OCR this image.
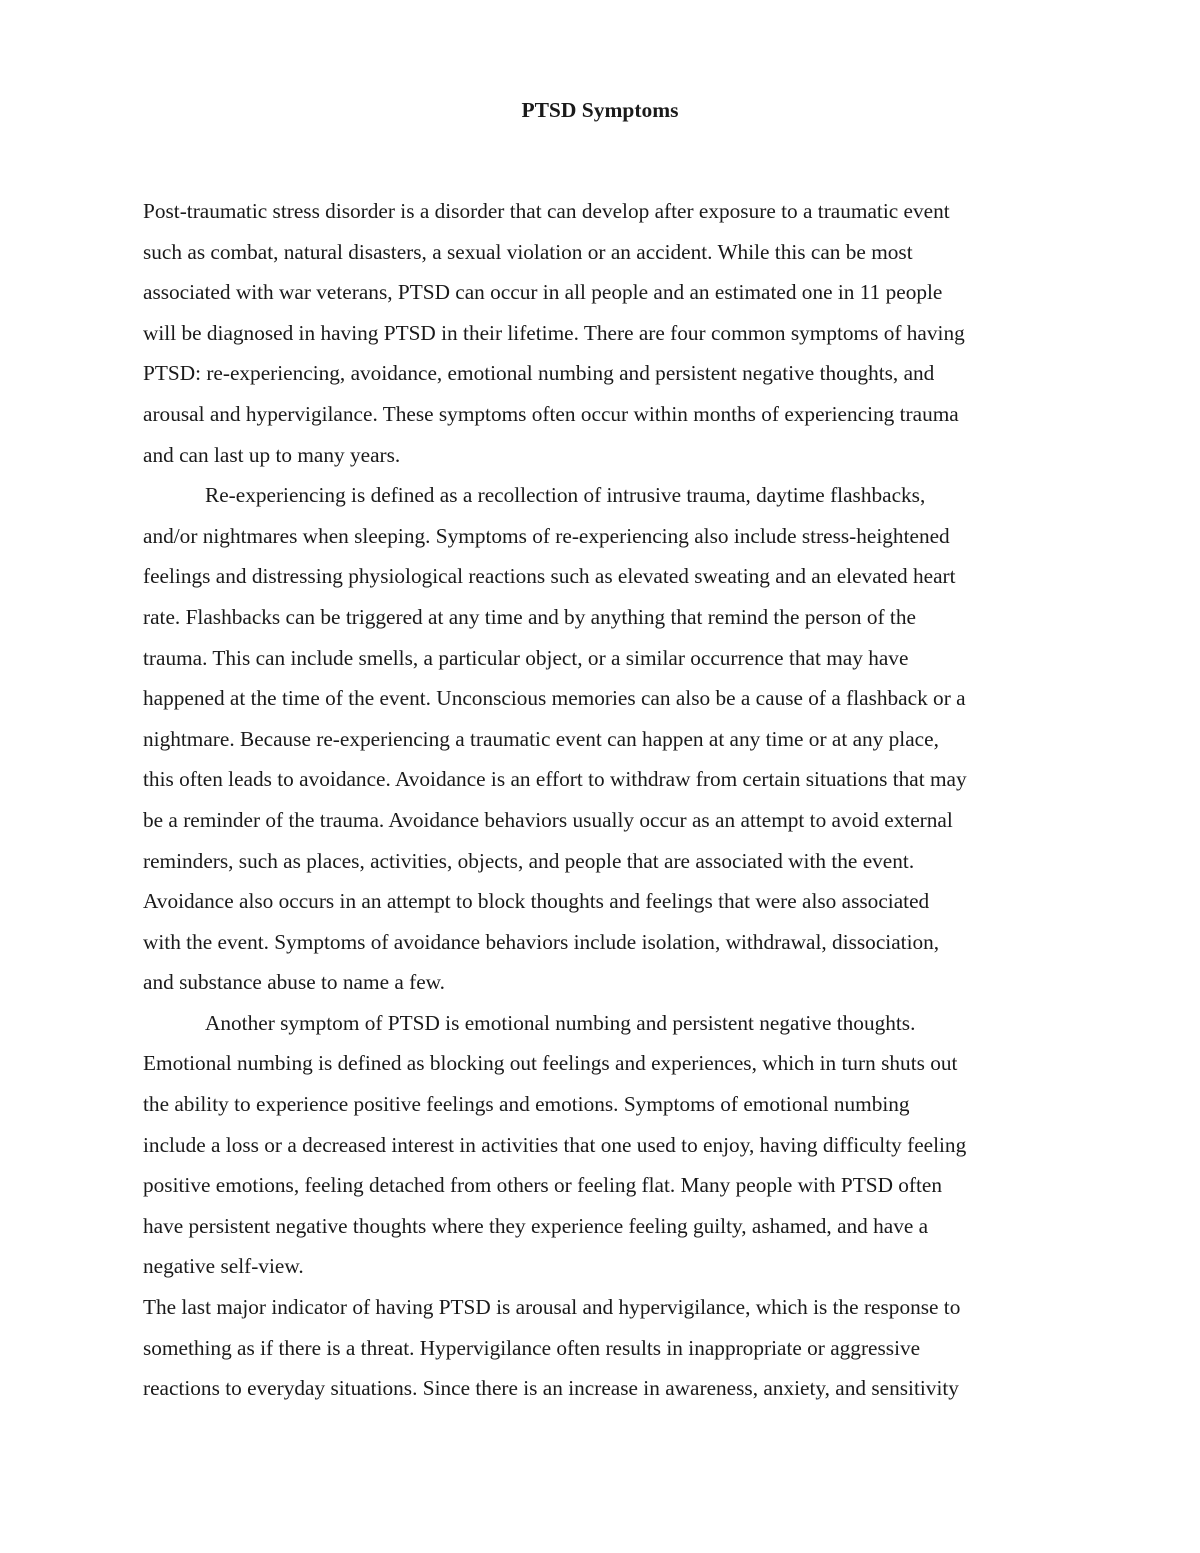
PTSD Symptoms

Post-traumatic stress disorder is a disorder that can develop after exposure to a traumatic event
such as combat, natural disasters, a sexual violation or an accident. While this can be most
associated with war veterans, PTSD can occur in all people and an estimated one in 11 people
will be diagnosed in having PTSD in their lifetime. There are four common symptoms of having
PTSD: re-experiencing, avoidance, emotional numbing and persistent negative thoughts, and
arousal and hypervigilance. These symptoms often occur within months of experiencing trauma
and can last up to many years.

Re-experiencing is defined as a recollection of intrusive trauma, daytime flashbacks,
and/or nightmares when sleeping. Symptoms of re-experiencing also include stress-heightened
feelings and distressing physiological reactions such as elevated sweating and an elevated heart
rate. Flashbacks can be triggered at any time and by anything that remind the person of the
trauma. This can include smells, a particular object, or a similar occurrence that may have
happened at the time of the event. Unconscious memories can also be a cause of a flashback or a
nightmare. Because re-experiencing a traumatic event can happen at any time or at any place,
this often leads to avoidance. Avoidance is an effort to withdraw from certain situations that may
be a reminder of the trauma. Avoidance behaviors usually occur as an attempt to avoid external
reminders, such as places, activities, objects, and people that are associated with the event.
Avoidance also occurs in an attempt to block thoughts and feelings that were also associated
with the event. Symptoms of avoidance behaviors include isolation, withdrawal, dissociation,
and substance abuse to name a few.

Another symptom of PTSD is emotional numbing and persistent negative thoughts.
Emotional numbing is defined as blocking out feelings and experiences, which in turn shuts out
the ability to experience positive feelings and emotions. Symptoms of emotional numbing
include a loss or a decreased interest in activities that one used to enjoy, having difficulty feeling
positive emotions, feeling detached from others or feeling flat. Many people with PTSD often
have persistent negative thoughts where they experience feeling guilty, ashamed, and have a
negative self-view.

The last major indicator of having PTSD is arousal and hypervigilance, which is the response to
something as if there is a threat. Hypervigilance often results in inappropriate or aggressive
reactions to everyday situations. Since there is an increase in awareness, anxiety, and sensitivity
